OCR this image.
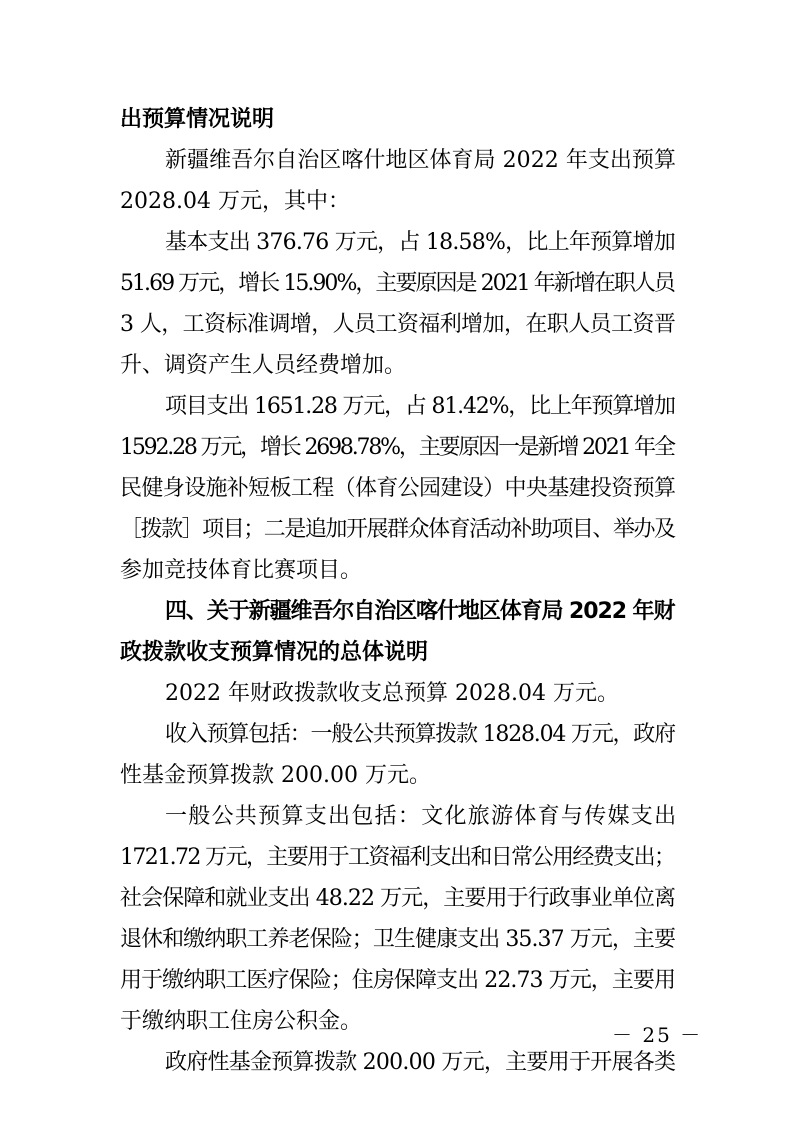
出预算情况说明
新疆维吾尔自治区喀什地区体育局 2022 年支出预算
2028.04 万元，其中：
基本支出 376.76 万元，占 18.58%，比上年预算增加
51.69 万元，增长 15.90%，主要原因是 2021 年新增在职人员
3 人，工资标准调增，人员工资福利增加，在职人员工资晋
升、调资产生人员经费增加。
项目支出 1651.28 万元，占 81.42%，比上年预算增加
1592.28 万元，增长 2698.78%，主要原因一是新增 2021 年全
民健身设施补短板工程（体育公园建设）中央基建投资预算
［拨款］项目；二是追加开展群众体育活动补助项目、举办及
参加竞技体育比赛项目。
四、关于新疆维吾尔自治区喀什地区体育局 2022 年财
政拨款收支预算情况的总体说明
2022 年财政拨款收支总预算 2028.04 万元。
收入预算包括：一般公共预算拨款 1828.04 万元，政府
性基金预算拨款 200.00 万元。
一般公共预算支出包括：文化旅游体育与传媒支出
1721.72 万元，主要用于工资福利支出和日常公用经费支出；
社会保障和就业支出 48.22 万元，主要用于行政事业单位离
退休和缴纳职工养老保险；卫生健康支出 35.37 万元，主要
用于缴纳职工医疗保险；住房保障支出 22.73 万元，主要用
于缴纳职工住房公积金。
政府性基金预算拨款 200.00 万元，主要用于开展各类
－ 25 －
